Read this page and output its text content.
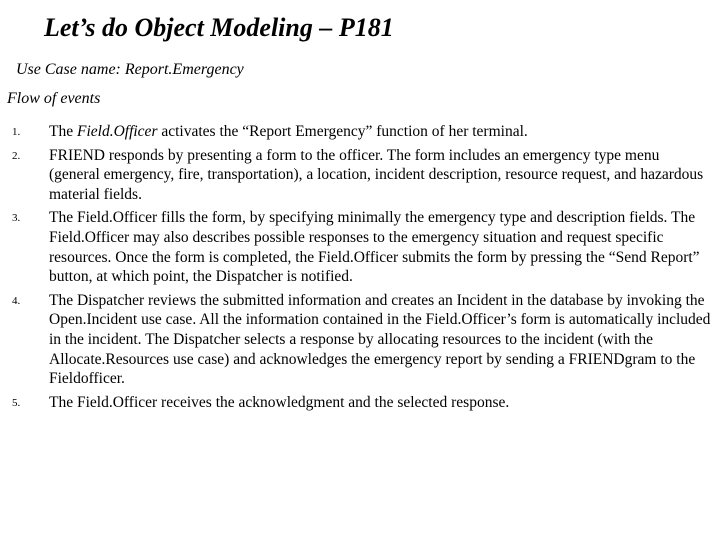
Let’s do Object Modeling – P181
Use Case name: Report.Emergency
Flow of events
1. The Field.Officer activates the “Report Emergency” function of her terminal.
2. FRIEND responds by presenting a form to the officer. The form includes an emergency type menu (general emergency, fire, transportation), a location, incident description, resource request, and hazardous material fields.
3. The Field.Officer fills the form, by specifying minimally the emergency type and description fields. The Field.Officer may also describes possible responses to the emergency situation and request specific resources. Once the form is completed, the Field.Officer submits the form by pressing the “Send Report” button, at which point, the Dispatcher is notified.
4. The Dispatcher reviews the submitted information and creates an Incident in the database by invoking the Open.Incident use case. All the information contained in the Field.Officer’s form is automatically included in the incident. The Dispatcher selects a response by allocating resources to the incident (with the Allocate.Resources use case) and acknowledges the emergency report by sending a FRIENDgram to the Fieldofficer.
5. The Field.Officer receives the acknowledgment and the selected response.
